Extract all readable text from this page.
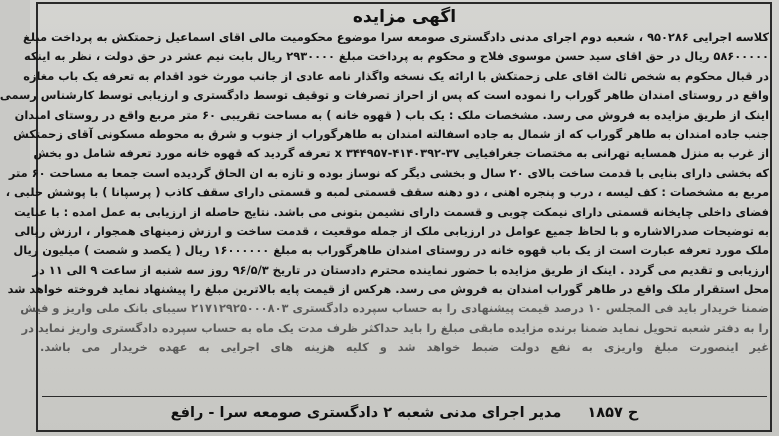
اگهی مزایده
کلاسه اجرایی ۹۵۰۲۸۶ ، شعبه دوم اجرای مدنی دادگستری صومعه سرا موضوع محکومیت مالی اقای اسماعیل زحمتکش به پرداخت مبلغ
۵۸۶۰۰۰۰۰ ریال در حق اقای سید حسن موسوی فلاح و محکوم به پرداخت مبلغ ۲۹۳۰۰۰۰ ریال بابت نیم عشر در حق دولت ، نظر به اینکه
در قبال محکوم به شخص ثالث اقای علی زحمتکش با ارائه یک نسخه واگذار نامه عادی از جانب مورث خود اقدام به تعرفه یک باب مغازه
واقع در روستای امندان طاهر گوراب را نموده است که پس از احراز تصرفات و توقیف توسط دادگستری و ارزیابی توسط کارشناس رسمی
اینک از طریق مزایده به فروش می رسد. مشخصات ملک : یک باب ( قهوه خانه ) به مساحت تقریبی ۶۰ متر مربع واقع در روستای امندان
جنب جاده امندان به طاهر گوراب که از شمال به جاده اسفالته امندان به طاهرگوراب از جنوب و شرق به محوطه مسکونی آقای زحمتکش
از غرب به منزل همسایه تهرانی به مختصات جغرافیایی ۳۷-۴۱۴۰۳۹۲-x ۳۴۴۹۵۷ تعرفه گردید که قهوه خانه مورد تعرفه شامل دو بخش
که بخشی دارای بنایی با قدمت ساخت بالای ۲۰ سال و بخشی دیگر که نوساز بوده و تازه به ان الحاق گردیده است جمعا به مساحت ۶۰ متر
مربع به مشخصات : کف لیسه ، درب و پنجره اهنی ، دو دهنه سقف قسمتی لمبه و قسمتی دارای سقف کاذب ( پرسپانا ) با پوشش حلبی ،
فضای داخلی چایخانه قسمتی دارای نیمکت چوبی و قسمت دارای نشیمن بتونی می باشد. نتایج حاصله از ارزیابی به عمل امده : با عنایت
به توضیحات صدرالاشاره و با لحاظ جمیع عوامل در ارزیابی ملک از جمله موقعیت ، قدمت ساخت و ارزش زمینهای همجوار ، ارزش ریالی
ملک مورد تعرفه عبارت است از یک باب قهوه خانه در روستای امندان طاهرگوراب به مبلغ ۱۶۰۰۰۰۰۰ ریال ( یکصد و شصت ) میلیون ریال
ارزیابی و تقدیم می گردد . اینک از طریق مزایده با حضور نماینده محترم دادستان در تاریخ ۹۶/۵/۳ روز سه شنبه از ساعت ۹ الی ۱۱ در
محل استقرار ملک واقع در طاهر گوراب امندان به فروش می رسد. هرکس از قیمت پایه بالاترین مبلغ را پیشنهاد نماید فروخته خواهد شد
ضمنا خریدار باید فی المجلس ۱۰ درصد قیمت پیشنهادی را به حساب سپرده دادگستری ۲۱۷۱۲۹۲۵۰۰۰۸۰۳ سیبای بانک ملی واریز و فیش
را به دفتر شعبه تحویل نماید ضمنا برنده مزایده مابقی مبلغ را باید حداکثر ظرف مدت یک ماه به حساب سپرده دادگستری واریز نماید در
غیر اینصورت مبلغ واریزی به نفع دولت ضبط خواهد شد و کلیه هزینه های اجرایی به عهده خریدار می باشد.
ح ۱۸۵۷مدیر اجرای مدنی شعبه ۲ دادگستری صومعه سرا - رافع
